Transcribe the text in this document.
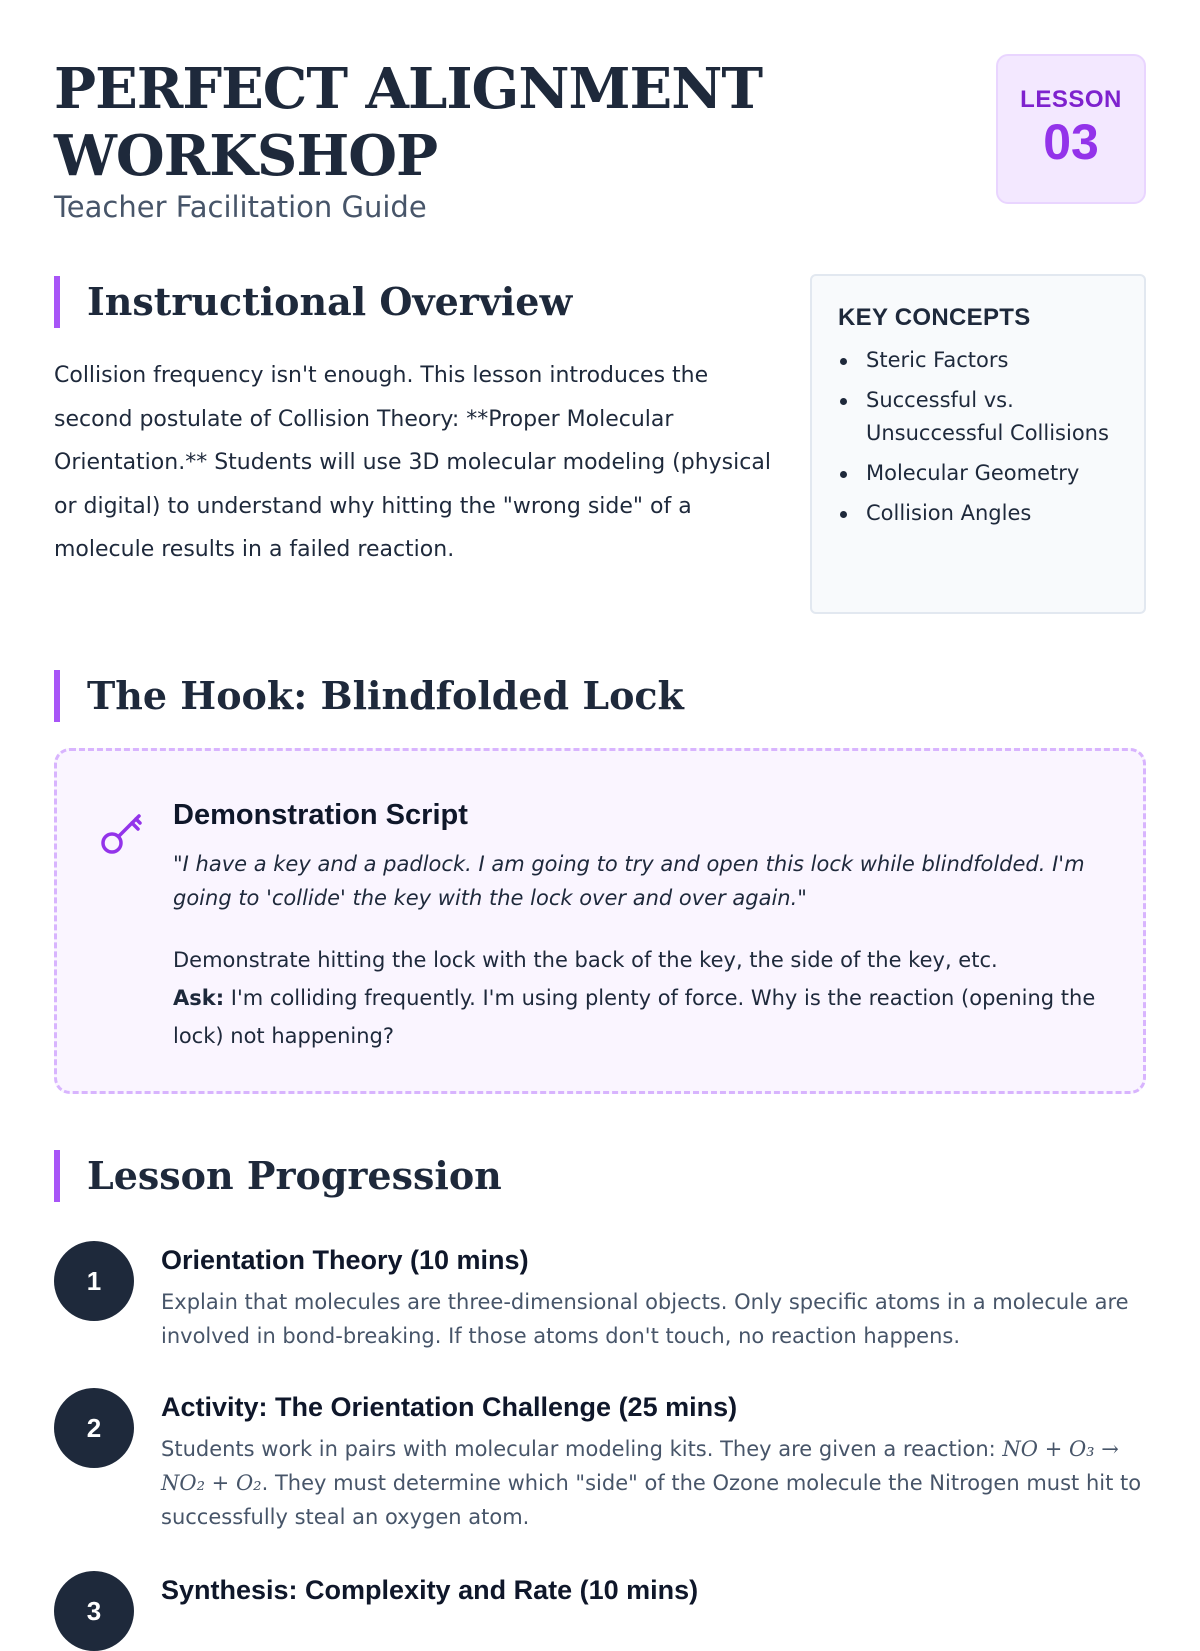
PERFECT ALIGNMENT WORKSHOP
Teacher Facilitation Guide
LESSON
03
Instructional Overview

Collision frequency isn't enough. This lesson introduces the second postulate of Collision Theory: **Proper Molecular Orientation.** Students will use 3D molecular modeling (physical or digital) to understand why hitting the "wrong side" of a molecule results in a failed reaction.

KEY CONCEPTS
Steric Factors
Successful vs. Unsuccessful Collisions
Molecular Geometry
Collision Angles
The Hook: Blindfolded Lock
Demonstration Script

"I have a key and a padlock. I am going to try and open this lock while blindfolded. I'm going to 'collide' the key with the lock over and over again."

Demonstrate hitting the lock with the back of the key, the side of the key, etc.
Ask: I'm colliding frequently. I'm using plenty of force. Why is the reaction (opening the lock) not happening?

Lesson Progression
1
Orientation Theory (10 mins)

Explain that molecules are three-dimensional objects. Only specific atoms in a molecule are involved in bond-breaking. If those atoms don't touch, no reaction happens.

2
Activity: The Orientation Challenge (25 mins)

Students work in pairs with molecular modeling kits. They are given a reaction: NO + O₃ → NO₂ + O₂. They must determine which "side" of the Ozone molecule the Nitrogen must hit to successfully steal an oxygen atom.

3
Synthesis: Complexity and Rate (10 mins)
